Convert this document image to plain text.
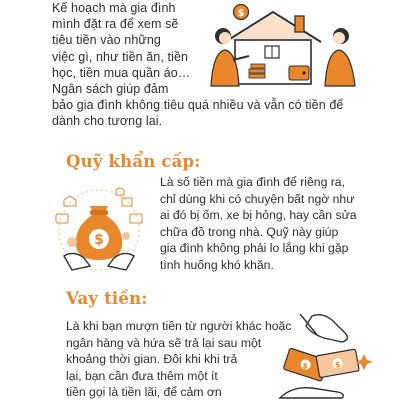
Kế hoạch mà gia đình
mình đặt ra để xem sẽ
tiêu tiền vào những
việc gì, như tiền ăn, tiền
học, tiền mua quần áo…
Ngân sách giúp đảm
bảo gia đình không tiêu quá nhiều và vẫn có tiền để
dành cho tương lai.
$
Quỹ khẩn cấp:
$
Là số tiền mà gia đình để riêng ra,
chỉ dùng khi có chuyện bất ngờ như
ai đó bị ốm, xe bị hỏng, hay cần sửa
chữa đồ trong nhà. Quỹ này giúp
gia đình không phải lo lắng khi gặp
tình huống khó khăn.
Vay tiền:
Là khi bạn mượn tiền từ người khác hoặc
ngân hàng và hứa sẽ trả lại sau một
khoảng thời gian. Đôi khi khi trả
lại, bạn cần đưa thêm một ít
tiền gọi là tiền lãi, để cảm ơn
$	$
